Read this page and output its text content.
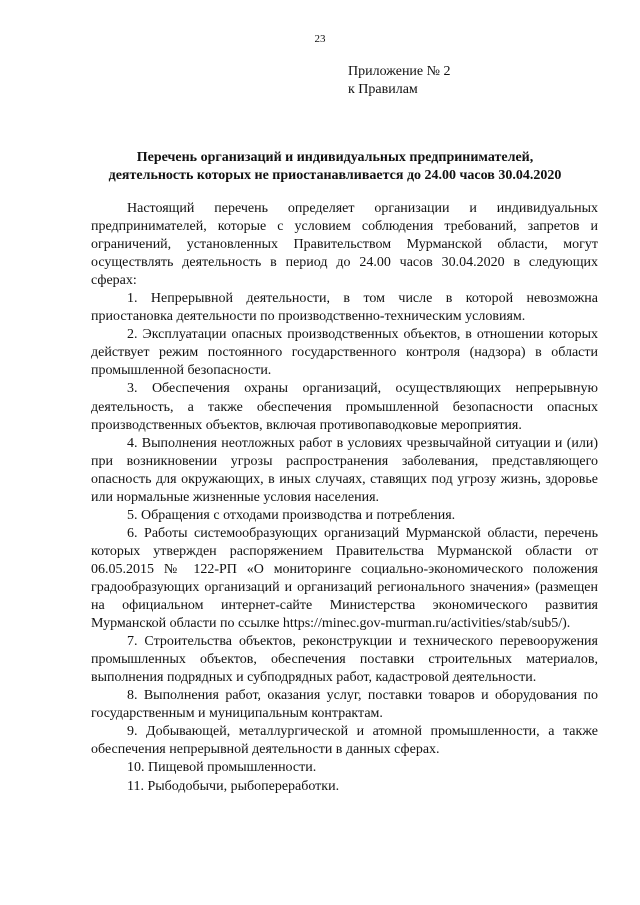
23
Приложение № 2
к Правилам
Перечень организаций и индивидуальных предпринимателей,
деятельность которых не приостанавливается до 24.00 часов 30.04.2020

Настоящий перечень определяет организации и индивидуальных предпринимателей, которые с условием соблюдения требований, запретов и ограничений, установленных Правительством Мурманской области, могут осуществлять деятельность в период до 24.00 часов 30.04.2020 в следующих сферах:

1. Непрерывной деятельности, в том числе в которой невозможна приостановка деятельности по производственно-техническим условиям.

2. Эксплуатации опасных производственных объектов, в отношении которых действует режим постоянного государственного контроля (надзора) в области промышленной безопасности.

3. Обеспечения охраны организаций, осуществляющих непрерывную деятельность, а также обеспечения промышленной безопасности опасных производственных объектов, включая противопаводковые мероприятия.

4. Выполнения неотложных работ в условиях чрезвычайной ситуации и (или) при возникновении угрозы распространения заболевания, представляющего опасность для окружающих, в иных случаях, ставящих под угрозу жизнь, здоровье или нормальные жизненные условия населения.

5. Обращения с отходами производства и потребления.

6. Работы системообразующих организаций Мурманской области, перечень которых утвержден распоряжением Правительства Мурманской области от 06.05.2015 № 122-РП «О мониторинге социально-экономического положения градообразующих организаций и организаций регионального значения» (размещен на официальном интернет-сайте Министерства экономического развития Мурманской области по ссылке https://minec.gov-murman.ru/activities/stab/sub5/).

7. Строительства объектов, реконструкции и технического перевооружения промышленных объектов, обеспечения поставки строительных материалов, выполнения подрядных и субподрядных работ, кадастровой деятельности.

8. Выполнения работ, оказания услуг, поставки товаров и оборудования по государственным и муниципальным контрактам.

9. Добывающей, металлургической и атомной промышленности, а также обеспечения непрерывной деятельности в данных сферах.

10. Пищевой промышленности.

11. Рыбодобычи, рыбопереработки.
